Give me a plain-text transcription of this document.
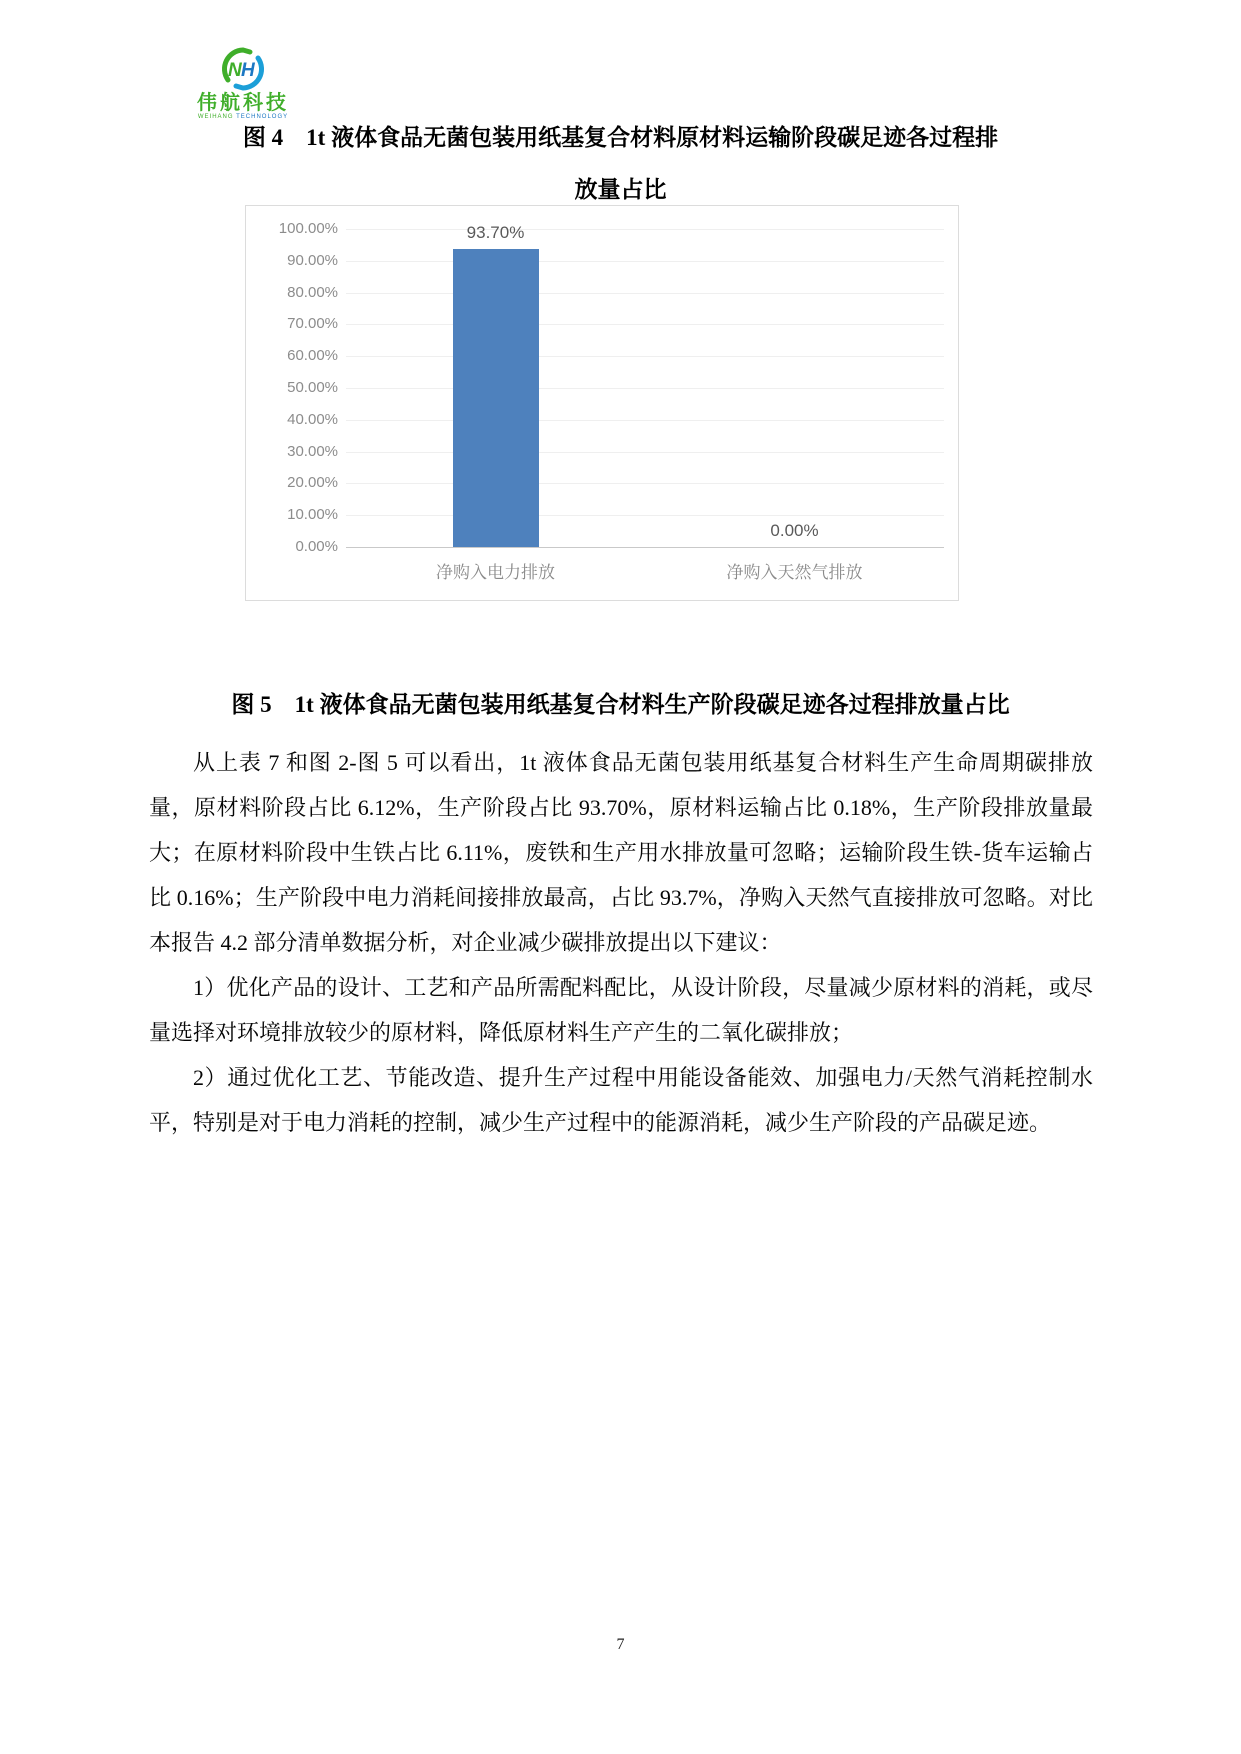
N H
伟航科技
WEIHANG TECHNOLOGY
图 4　1t 液体食品无菌包装用纸基复合材料原材料运输阶段碳足迹各过程排
放量占比
93.70%
0.00%
100.00%
90.00%
80.00%
70.00%
60.00%
50.00%
40.00%
30.00%
20.00%
10.00%
0.00%
净购入电力排放	净购入天然气排放
图 5　1t 液体食品无菌包装用纸基复合材料生产阶段碳足迹各过程排放量占比

从上表 7 和图 2-图 5 可以看出，1t 液体食品无菌包装用纸基复合材料生产生命周期碳排放量，原材料阶段占比 6.12%，生产阶段占比 93.70%，原材料运输占比 0.18%，生产阶段排放量最大；在原材料阶段中生铁占比 6.11%，废铁和生产用水排放量可忽略；运输阶段生铁-货车运输占比 0.16%；生产阶段中电力消耗间接排放最高，占比 93.7%，净购入天然气直接排放可忽略。对比本报告 4.2 部分清单数据分析，对企业减少碳排放提出以下建议：

1）优化产品的设计、工艺和产品所需配料配比，从设计阶段，尽量减少原材料的消耗，或尽量选择对环境排放较少的原材料，降低原材料生产产生的二氧化碳排放；

2）通过优化工艺、节能改造、提升生产过程中用能设备能效、加强电力/天然气消耗控制水平，特别是对于电力消耗的控制，减少生产过程中的能源消耗，减少生产阶段的产品碳足迹。

7
